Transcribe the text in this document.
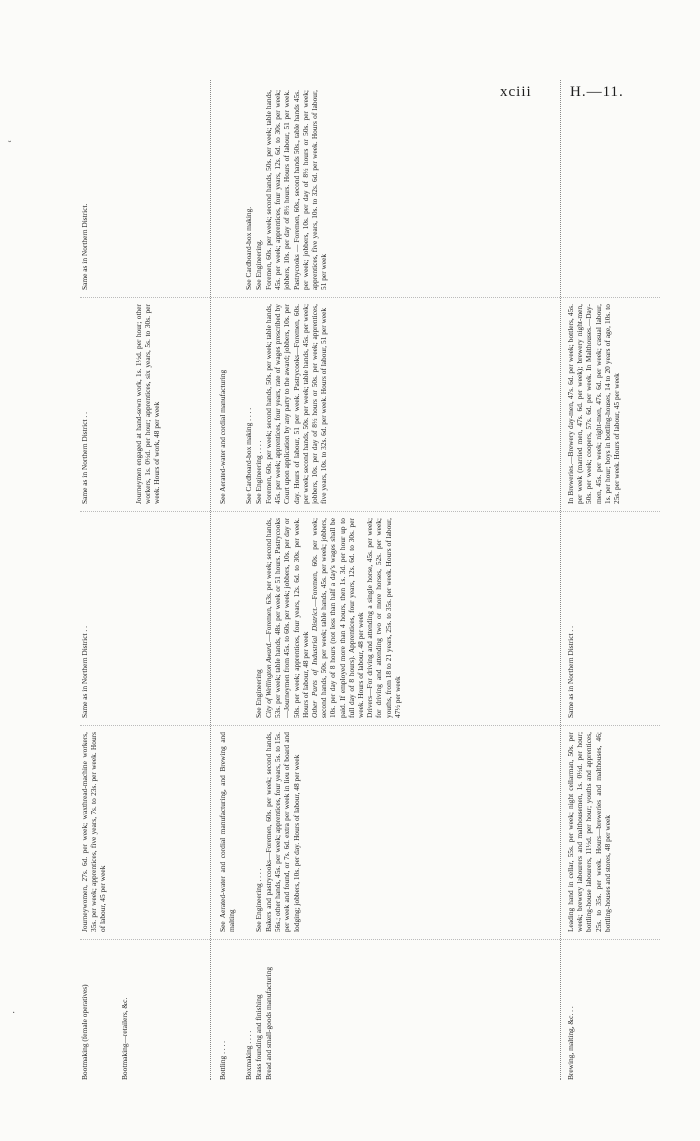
xciii	H.—11.
˘
·	Bootmaking (female operatives)
Journeywomen, 27s. 6d. per week; waxthread-machine workers, 35s. per week; apprentices, five years, 7s. to 23s. per week. Hours of labour, 45 per week
Same as in Northern District . .
Same as in Northern District . .
Same as in Northern District.
Bootmaking—retailers, &c.
Journeymen engaged at hand-sewn work, 1s. 1½d. per hour; other workers, 1s. 0½d. per hour; apprentices, six years, 5s. to 30s. per week. Hours of work, 48 per week
Bottling . . . .
See Aerated-water and cordial manufacturing, and Brewing and malting
See Aerated-water and cordial manufacturing
Boxmaking . . . .
See Cardboard-box making . . . .
See Cardboard-box making.
Brass founding and finishing
See Engineering . . . .
See Engineering
See Engineering . . . .
See Engineering.
Bread and small-goods manufacturing
Bakers and pastrycooks—Foremen, 60s. per week; second hands, 56s.; other hands, 45s. per week; apprentices, four years, 5s. to 15s. per week and found, or 7s. 6d. extra per week in lieu of board and lodging; jobbers, 10s. per day. Hours of labour, 48 per week
City of Wellington Award.—Foremen, 63s. per week; second hands, 53s. per week; table hands, 48s. per week or 51 hours. Pastrycooks—Journeymen from 45s. to 60s. per week; jobbers, 10s. per day or 50s. per week; apprentices, four years, 12s. 6d. to 30s. per week. Hours of labour, 48 per week
Other Parts of Industrial District.—Foremen, 60s. per week; second hands, 50s. per week; table hands, 45s. per week; jobbers, 10s. per day of 8 hours (not less than half a day's wages shall be paid. If employed more than 4 hours, then 1s. 3d. per hour up to full day of 8 hours). Apprentices, four years, 12s. 6d. to 30s. per week. Hours of labour, 48 per week
Drivers—For driving and attending a single horse, 45s. per week; for driving and attending two or more horses, 52s. per week; youths, from 18 to 21 years, 25s. to 35s. per week. Hours of labour, 47½ per week
Foremen, 60s. per week; second hands, 50s. per week; table hands, 45s. per week; apprentices, four years, rate of wages prescribed by Court upon application by any party to the award; jobbers, 10s. per day. Hours of labour, 51 per week. Pastrycooks—Foremen, 60s. per week; second hands, 50s. per week; table hands, 45s. per week; jobbers, 10s. per day of 8½ hours or 50s. per week; apprentices, five years, 10s. to 32s. 6d. per week. Hours of labour, 51 per week
Foremen, 60s. per week; second hands, 50s. per week; table hands, 45s. per week; apprentices, four years, 12s. 6d. to 30s. per week; jobbers, 10s. per day of 8½ hours. Hours of labour, 51 per week. Pastrycooks — Foremen, 60s., second hands 50s., table hands 45s. per week; jobbers, 10s. per day of 8½ hours or 50s. per week; apprentices, five years, 10s. to 32s. 6d. per week. Hours of labour, 51 per week
Brewing, malting, &c. . .
Leading hand in cellar, 55s. per week; night cellarman, 50s. per week; brewery labourers and malthousemen, 1s. 0½d. per hour; bottling-house labourers, 11½d. per hour; youths and apprentices, 25s. to 35s. per week. Hours—breweries and malthouses, 46; bottling-houses and stores, 48 per week
Same as in Northern District . .
In Breweries.—Brewery day-men, 47s. 6d. per week; bottlers, 45s. per week (married men, 47s. 6d. per week); brewery night-men, 50s. per week; coopers, 57s. 6d. per week. In Malthouses.—Day-men, 45s. per week; night-men, 47s. 6d. per week; casual labour, 1s. per hour; boys in bottling-houses, 14 to 20 years of age, 10s. to 25s. per week. Hours of labour, 45 per week
